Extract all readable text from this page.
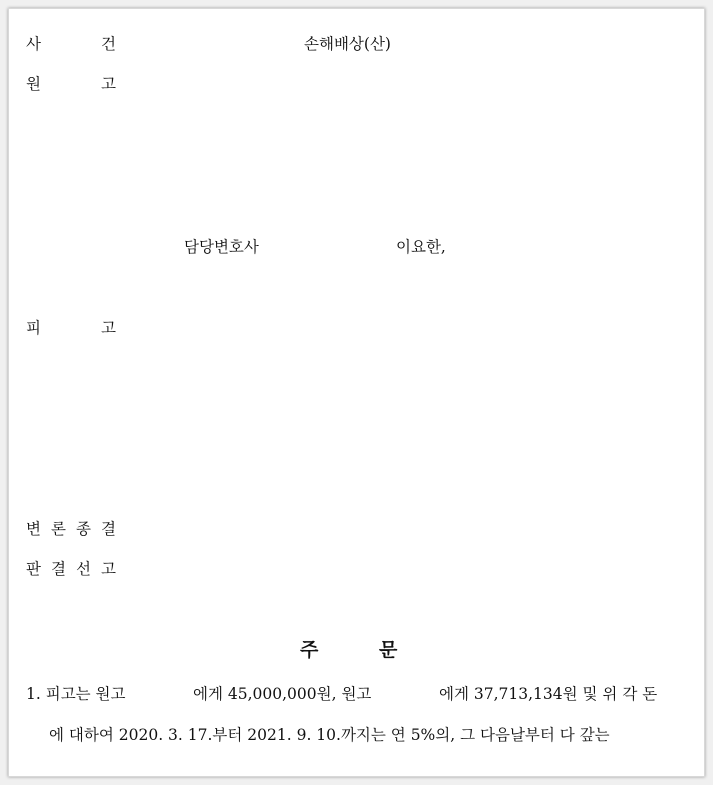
사	건	손해배상(산)
원	고
담당변호사	이요한,
피	고
변 론 종 결
판 결 선 고
주	문
1. 피고는 원고	에게 45,000,000원, 원고	에게 37,713,134원 및 위 각 돈
에 대하여 2020. 3. 17.부터 2021. 9. 10.까지는 연 5%의, 그 다음날부터 다 갚는
